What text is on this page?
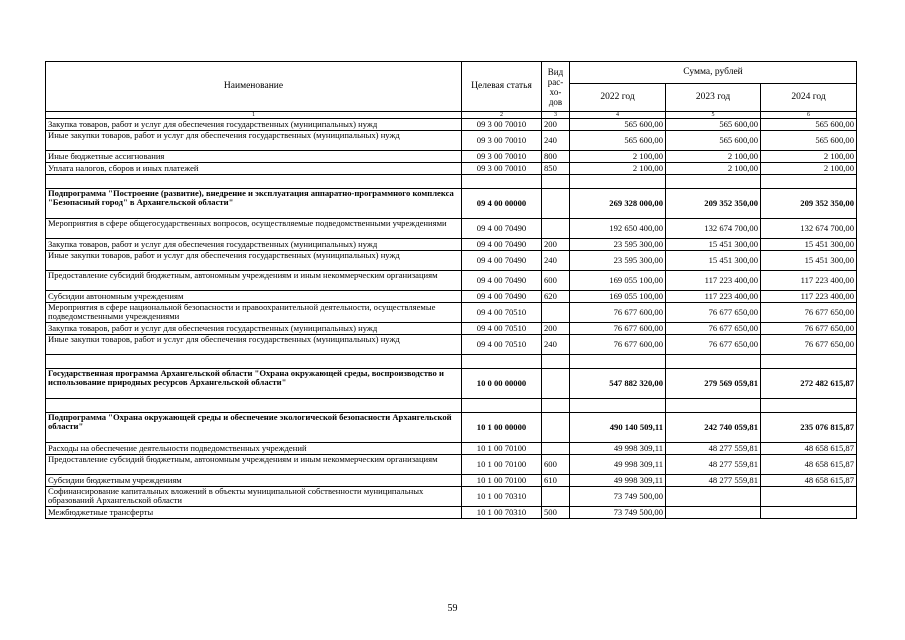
Наименование	Целевая статья	Вид рас-хо-дов	Сумма, рублей		
			2022 год	2023 год	2024 год
1	2	3	4	5	6
Закупка товаров, работ и услуг для обеспечения государственных (муниципальных) нужд	09 3 00 70010	200	565 600,00	565 600,00	565 600,00
Иные закупки товаров, работ и услуг для обеспечения государственных (муниципальных) нужд	09 3 00 70010	240	565 600,00	565 600,00	565 600,00
Иные бюджетные ассигнования	09 3 00 70010	800	2 100,00	2 100,00	2 100,00
Уплата налогов, сборов и иных платежей	09 3 00 70010	850	2 100,00	2 100,00	2 100,00

Подпрограмма "Построение (развитие), внедрение и эксплуатация аппаратно-программного комплекса "Безопасный город" в Архангельской области"	09 4 00 00000		269 328 000,00	209 352 350,00	209 352 350,00
Мероприятия в сфере общегосударственных вопросов, осуществляемые подведомственными учреждениями	09 4 00 70490		192 650 400,00	132 674 700,00	132 674 700,00
Закупка товаров, работ и услуг для обеспечения государственных (муниципальных) нужд	09 4 00 70490	200	23 595 300,00	15 451 300,00	15 451 300,00
Иные закупки товаров, работ и услуг для обеспечения государственных (муниципальных) нужд	09 4 00 70490	240	23 595 300,00	15 451 300,00	15 451 300,00
Предоставление субсидий бюджетным, автономным учреждениям и иным некоммерческим организациям	09 4 00 70490	600	169 055 100,00	117 223 400,00	117 223 400,00
Субсидии автономным учреждениям	09 4 00 70490	620	169 055 100,00	117 223 400,00	117 223 400,00
Мероприятия в сфере национальной безопасности и правоохранительной деятельности, осуществляемые подведомственными учреждениями	09 4 00 70510		76 677 600,00	76 677 650,00	76 677 650,00
Закупка товаров, работ и услуг для обеспечения государственных (муниципальных) нужд	09 4 00 70510	200	76 677 600,00	76 677 650,00	76 677 650,00
Иные закупки товаров, работ и услуг для обеспечения государственных (муниципальных) нужд	09 4 00 70510	240	76 677 600,00	76 677 650,00	76 677 650,00

Государственная программа Архангельской области "Охрана окружающей среды, воспроизводство и использование природных ресурсов Архангельской области"	10 0 00 00000		547 882 320,00	279 569 059,81	272 482 615,87

Подпрограмма "Охрана окружающей среды и обеспечение экологической безопасности Архангельской области"	10 1 00 00000		490 140 509,11	242 740 059,81	235 076 815,87
Расходы на обеспечение деятельности подведомственных учреждений	10 1 00 70100		49 998 309,11	48 277 559,81	48 658 615,87
Предоставление субсидий бюджетным, автономным учреждениям и иным некоммерческим организациям	10 1 00 70100	600	49 998 309,11	48 277 559,81	48 658 615,87
Субсидии бюджетным учреждениям	10 1 00 70100	610	49 998 309,11	48 277 559,81	48 658 615,87
Софинансирование капитальных вложений в объекты муниципальной собственности муниципальных образований Архангельской области	10 1 00 70310		73 749 500,00		
Межбюджетные трансферты	10 1 00 70310	500	73 749 500,00		
59
